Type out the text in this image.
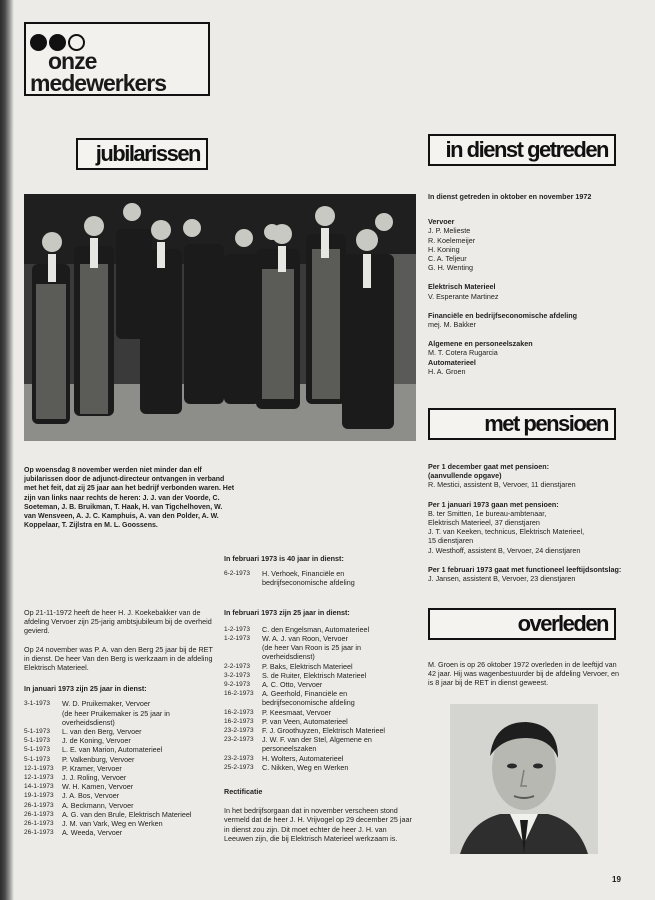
onze
medewerkers
jubilarissen	in dienst getreden
met pensioen
overleden
Op woensdag 8 november werden niet minder dan elf jubilarissen door de adjunct-directeur ontvangen in verband met het feit, dat zij 25 jaar aan het bedrijf verbonden waren. Het zijn van links naar rechts de heren: J. J. van der Voorde, C. Soeteman, J. B. Bruikman, T. Haak, H. van Tigchelhoven, W. van Wensveen, A. J. C. Kamphuis, A. van den Polder, A. W. Koppelaar, T. Zijlstra en M. L. Goossens.

Op 21-11-1972 heeft de heer H. J. Koekebakker van de afdeling Vervoer zijn 25-jarig ambtsjubileum bij de overheid gevierd.

Op 24 november was P. A. van den Berg 25 jaar bij de RET in dienst. De heer Van den Berg is werkzaam in de afdeling Elektrisch Materieel.

In januari 1973 zijn 25 jaar in dienst:

3-1-1973	W. D. Pruikemaker, Vervoer
(de heer Pruikemaker is 25 jaar in
overheidsdienst)
5-1-1973	L. van den Berg, Vervoer
5-1-1973	J. de Koning, Vervoer
5-1-1973	L. E. van Marion, Automaterieel
5-1-1973	P. Valkenburg, Vervoer
12-1-1973	P. Kramer, Vervoer
12-1-1973	J. J. Roling, Vervoer
14-1-1973	W. H. Kamen, Vervoer
19-1-1973	J. A. Bos, Vervoer
26-1-1973	A. Beckmann, Vervoer
26-1-1973	A. G. van den Brule, Elektrisch Materieel
26-1-1973	J. M. van Vark, Weg en Werken
26-1-1973	A. Weeda, Vervoer

In februari 1973 is 40 jaar in dienst:

6-2-1973	H. Verhoek, Financiële en
bedrijfseconomische afdeling

In februari 1973 zijn 25 jaar in dienst:

1-2-1973	C. den Engelsman, Automaterieel
1-2-1973	W. A. J. van Roon, Vervoer
(de heer Van Roon is 25 jaar in
overheidsdienst)
2-2-1973	P. Baks, Elektrisch Materieel
3-2-1973	S. de Ruiter, Elektrisch Materieel
9-2-1973	A. C. Otto, Vervoer
16-2-1973	A. Geerhold, Financiële en
bedrijfseconomische afdeling
16-2-1973	P. Keesmaat, Vervoer
16-2-1973	P. van Veen, Automaterieel
23-2-1973	F. J. Groothuyzen, Elektrisch Materieel
23-2-1973	J. W. F. van der Stel, Algemene en
personeelszaken
23-2-1973	H. Wolters, Automaterieel
25-2-1973	C. Nikken, Weg en Werken

Rectificatie

In het bedrijfsorgaan dat in november verscheen stond vermeld dat de heer J. H. Vrijvogel op 29 december 25 jaar in dienst zou zijn. Dit moet echter de heer J. H. van Leeuwen zijn, die bij Elektrisch Materieel werkzaam is.

In dienst getreden in oktober en november 1972

Vervoer

J. P. Melieste

R. Koelemeijer

H. Koning

C. A. Teljeur

G. H. Wenting

Elektrisch Materieel

V. Esperante Martinez

Financiële en bedrijfseconomische afdeling

mej. M. Bakker

Algemene en personeelszaken

M. T. Cotera Rugarcia

Automaterieel

H. A. Groen

Per 1 december gaat met pensioen:

(aanvullende opgave)

R. Mestici, assistent B, Vervoer, 11 dienstjaren

Per 1 januari 1973 gaan met pensioen:

B. ter Smitten, 1e bureau-ambtenaar,

Elektrisch Materieel, 37 dienstjaren

J. T. van Keeken, technicus, Elektrisch Materieel,

15 dienstjaren

J. Westhoff, assistent B, Vervoer, 24 dienstjaren

Per 1 februari 1973 gaat met functioneel leeftijdsontslag:

J. Jansen, assistent B, Vervoer, 23 dienstjaren

M. Groen is op 26 oktober 1972 overleden in de leeftijd van 42 jaar. Hij was wagenbestuurder bij de afdeling Vervoer, en is 8 jaar bij de RET in dienst geweest.
19
